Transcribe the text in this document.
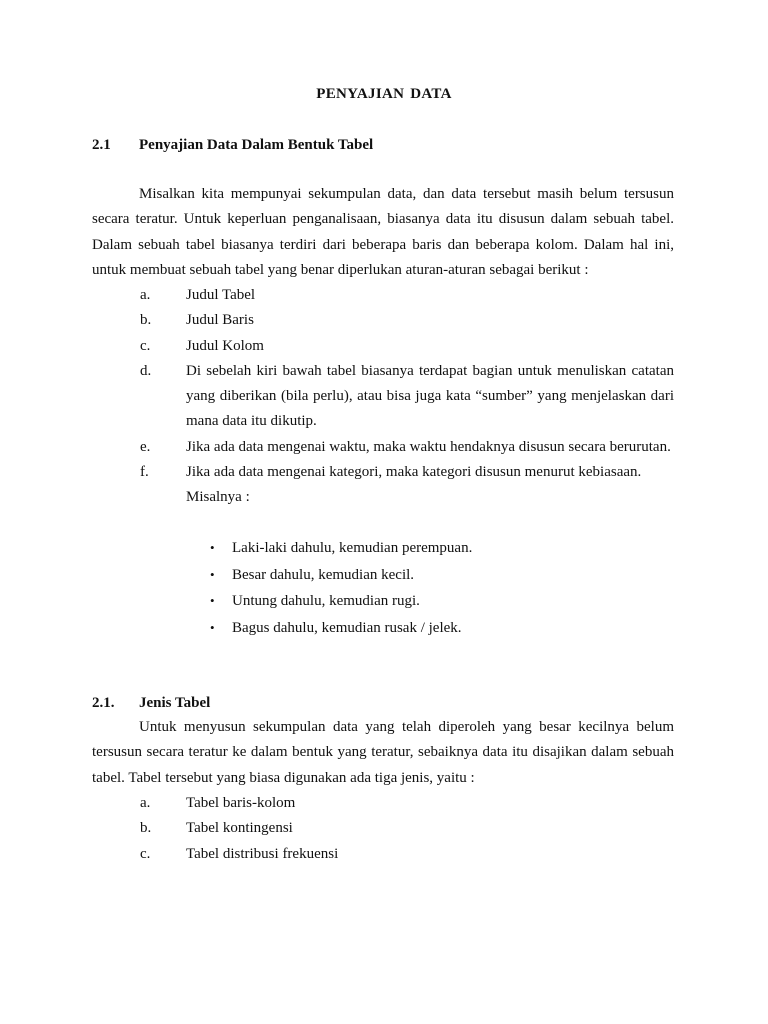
PENYAJIAN DATA
2.1 Penyajian Data Dalam Bentuk Tabel

Misalkan kita mempunyai sekumpulan data, dan data tersebut masih belum tersusun secara teratur. Untuk keperluan penganalisaan, biasanya data itu disusun dalam sebuah tabel. Dalam sebuah tabel biasanya terdiri dari beberapa baris dan beberapa kolom. Dalam hal ini, untuk membuat sebuah tabel yang benar diperlukan aturan-aturan sebagai berikut :

a. Judul Tabel
b. Judul Baris
c. Judul Kolom
d. Di sebelah kiri bawah tabel biasanya terdapat bagian untuk menuliskan catatan yang diberikan (bila perlu), atau bisa juga kata “sumber” yang menjelaskan dari mana data itu dikutip.
e. Jika ada data mengenai waktu, maka waktu hendaknya disusun secara berurutan.
f. Jika ada data mengenai kategori, maka kategori disusun menurut kebiasaan.
Misalnya :
• Laki-laki dahulu, kemudian perempuan.
• Besar dahulu, kemudian kecil.
• Untung dahulu, kemudian rugi.
• Bagus dahulu, kemudian rusak / jelek.
2.1. Jenis Tabel

Untuk menyusun sekumpulan data yang telah diperoleh yang besar kecilnya belum tersusun secara teratur ke dalam bentuk yang teratur, sebaiknya data itu disajikan dalam sebuah tabel. Tabel tersebut yang biasa digunakan ada tiga jenis, yaitu :

a. Tabel baris-kolom
b. Tabel kontingensi
c. Tabel distribusi frekuensi
